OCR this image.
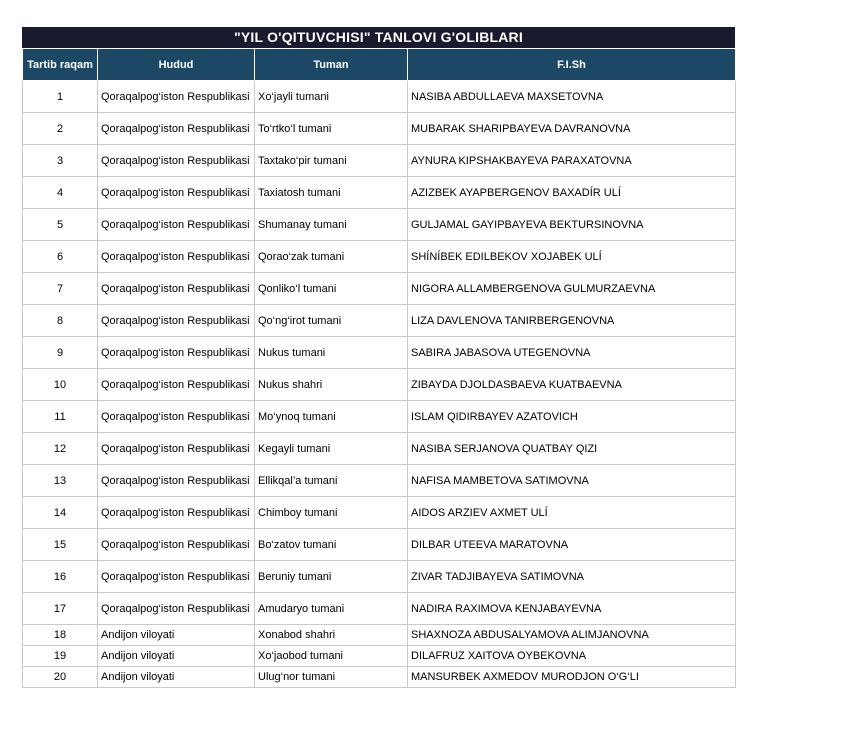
"YIL O'QITUVCHISI" TANLOVI G'OLIBLARI
Tartib raqam	Hudud	Tuman	F.I.Sh
1	Qoraqalpog‘iston Respublikasi	Xo‘jayli tumani	NASIBA ABDULLAEVA MAXSETOVNA
2	Qoraqalpog‘iston Respublikasi	To‘rtko‘l tumani	MUBARAK SHARIPBAYEVA DAVRANOVNA
3	Qoraqalpog‘iston Respublikasi	Taxtako‘pir tumani	AYNURA KIPSHAKBAYEVA PARAXATOVNA
4	Qoraqalpog‘iston Respublikasi	Taxiatosh tumani	AZIZBEK AYAPBERGENOV BAXADÍR ULÍ
5	Qoraqalpog‘iston Respublikasi	Shumanay tumani	GULJAMAL GAYIPBAYEVA BEKTURSINOVNA
6	Qoraqalpog‘iston Respublikasi	Qorao‘zak tumani	SHÍNÍBEK EDILBEKOV XOJABEK ULÍ
7	Qoraqalpog‘iston Respublikasi	Qonliko‘l tumani	NIGORA ALLAMBERGENOVA GULMURZAEVNA
8	Qoraqalpog‘iston Respublikasi	Qo‘ng‘irot tumani	LIZA DAVLENOVA TANIRBERGENOVNA
9	Qoraqalpog‘iston Respublikasi	Nukus tumani	SABIRA JABASOVA UTEGENOVNA
10	Qoraqalpog‘iston Respublikasi	Nukus shahri	ZIBAYDA DJOLDASBAEVA KUATBAEVNA
11	Qoraqalpog‘iston Respublikasi	Mo‘ynoq tumani	ISLAM QIDIRBAYEV AZATOVICH
12	Qoraqalpog‘iston Respublikasi	Kegayli tumani	NASIBA SERJANOVA QUATBAY QIZI
13	Qoraqalpog‘iston Respublikasi	Ellikqal’a tumani	NAFISA MAMBETOVA SATIMOVNA
14	Qoraqalpog‘iston Respublikasi	Chimboy tumani	AIDOS ARZIEV AXMET ULÍ
15	Qoraqalpog‘iston Respublikasi	Bo‘zatov tumani	DILBAR UTEEVA MARATOVNA
16	Qoraqalpog‘iston Respublikasi	Beruniy tumani	ZIVAR TADJIBAYEVA SATIMOVNA
17	Qoraqalpog‘iston Respublikasi	Amudaryo tumani	NADIRA RAXIMOVA KENJABAYEVNA
18	Andijon viloyati	Xonabod shahri	SHAXNOZA ABDUSALYAMOVA ALIMJANOVNA
19	Andijon viloyati	Xo‘jaobod tumani	DILAFRUZ XAITOVA OYBEKOVNA
20	Andijon viloyati	Ulug‘nor tumani	MANSURBEK AXMEDOV MURODJON O‘G‘LI
